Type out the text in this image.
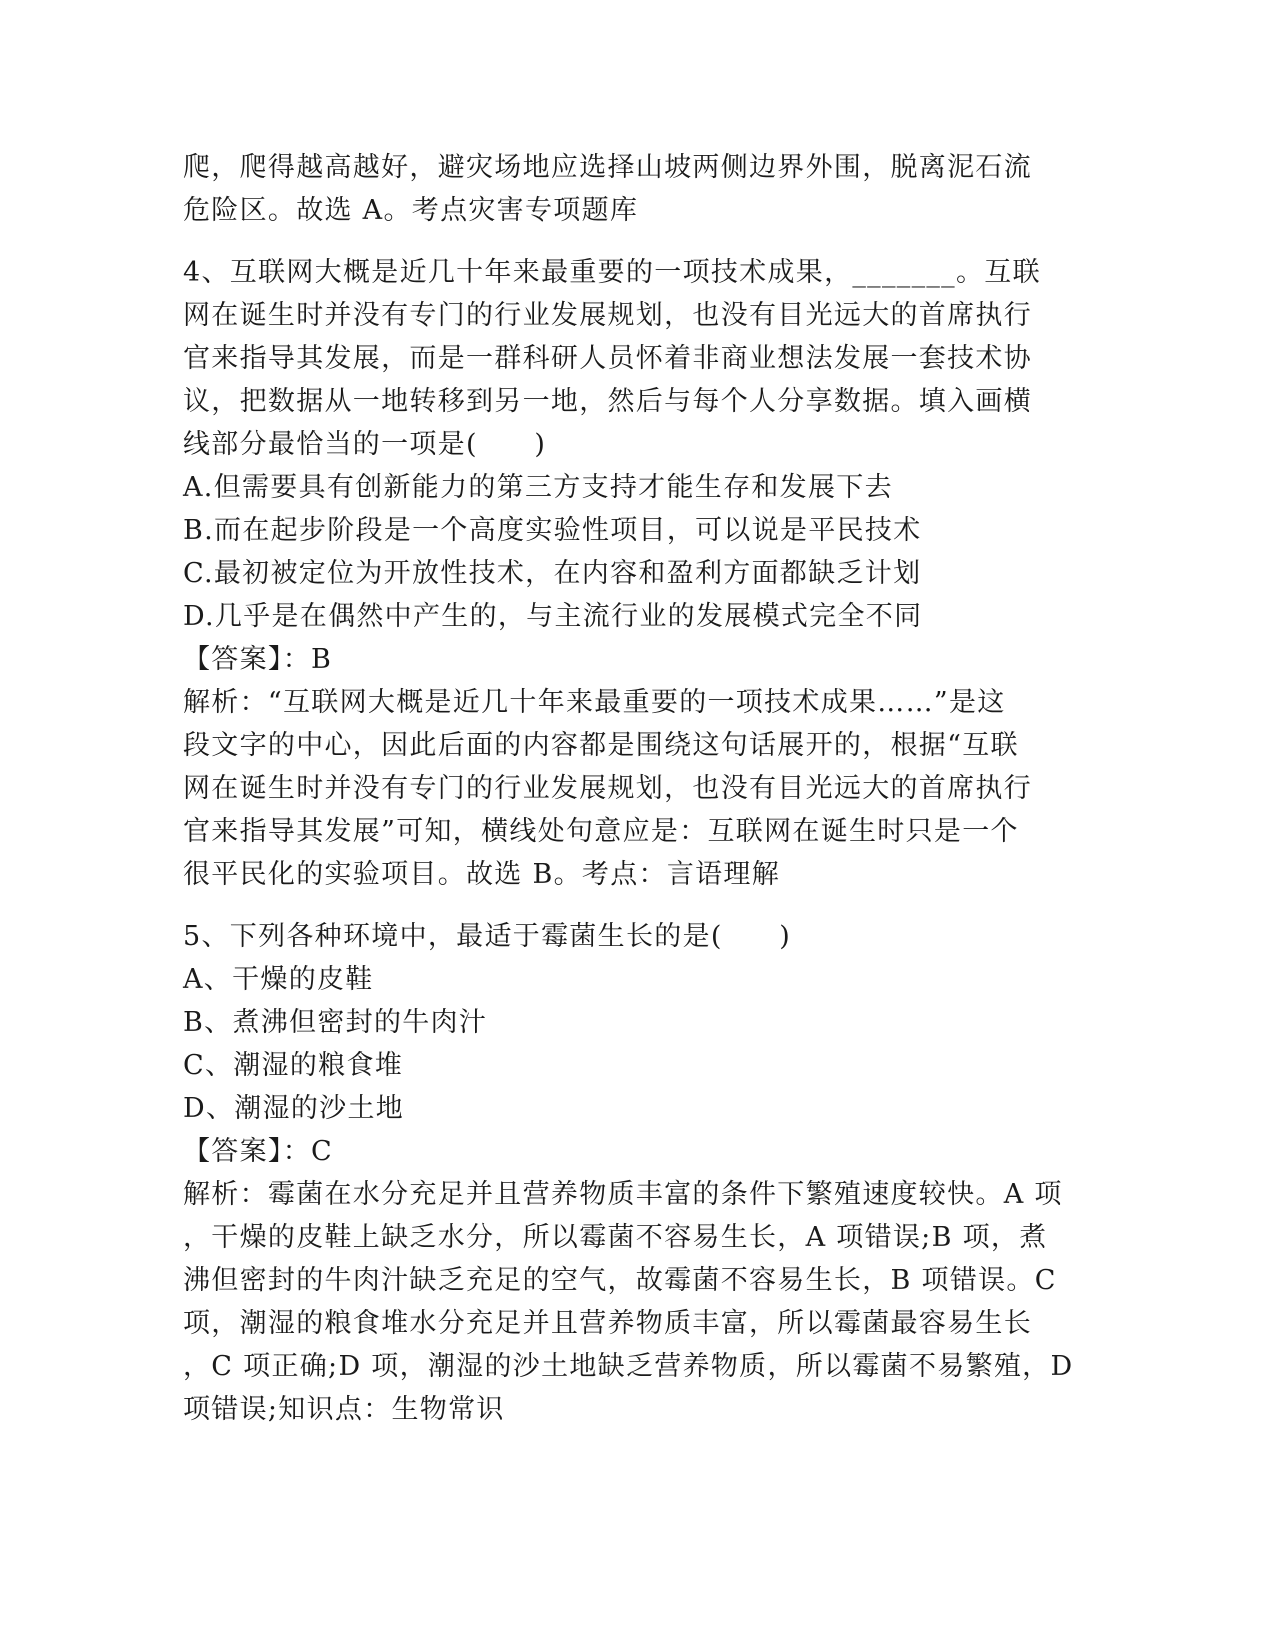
爬，爬得越高越好，避灾场地应选择山坡两侧边界外围，脱离泥石流
危险区。故选 A。考点灾害专项题库
4、互联网大概是近几十年来最重要的一项技术成果，_______。互联
网在诞生时并没有专门的行业发展规划，也没有目光远大的首席执行
官来指导其发展，而是一群科研人员怀着非商业想法发展一套技术协
议，把数据从一地转移到另一地，然后与每个人分享数据。填入画横
线部分最恰当的一项是(　　)
A.但需要具有创新能力的第三方支持才能生存和发展下去
B.而在起步阶段是一个高度实验性项目，可以说是平民技术
C.最初被定位为开放性技术，在内容和盈利方面都缺乏计划
D.几乎是在偶然中产生的，与主流行业的发展模式完全不同
【答案】：B
解析：“互联网大概是近几十年来最重要的一项技术成果……”是这
段文字的中心，因此后面的内容都是围绕这句话展开的，根据“互联
网在诞生时并没有专门的行业发展规划，也没有目光远大的首席执行
官来指导其发展”可知，横线处句意应是：互联网在诞生时只是一个
很平民化的实验项目。故选 B。考点：言语理解
5、下列各种环境中，最适于霉菌生长的是(　　)
A、干燥的皮鞋
B、煮沸但密封的牛肉汁
C、潮湿的粮食堆
D、潮湿的沙土地
【答案】：C
解析：霉菌在水分充足并且营养物质丰富的条件下繁殖速度较快。A 项
，干燥的皮鞋上缺乏水分，所以霉菌不容易生长，A 项错误;B 项，煮
沸但密封的牛肉汁缺乏充足的空气，故霉菌不容易生长，B 项错误。C
项，潮湿的粮食堆水分充足并且营养物质丰富，所以霉菌最容易生长
，C 项正确;D 项，潮湿的沙土地缺乏营养物质，所以霉菌不易繁殖，D
项错误;知识点：生物常识
